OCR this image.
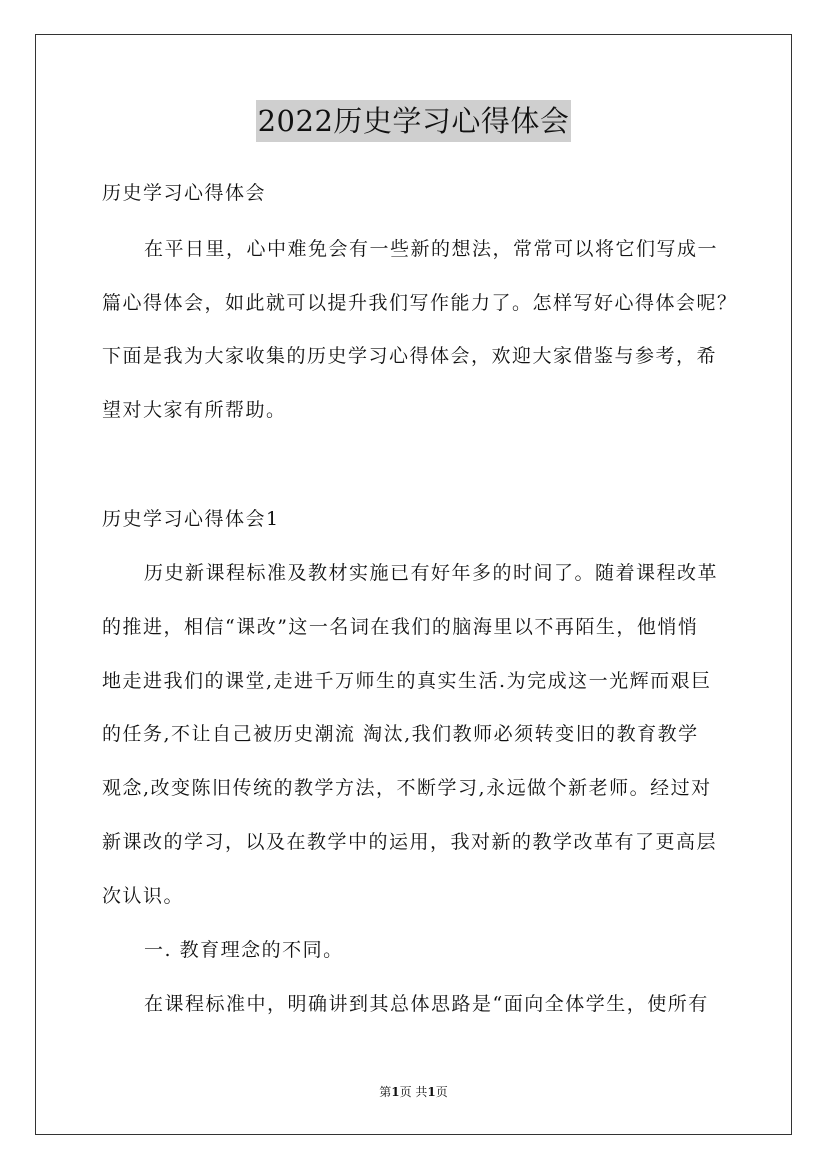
2022历史学习心得体会
历史学习心得体会
在平日里，心中难免会有一些新的想法，常常可以将它们写成一
篇心得体会，如此就可以提升我们写作能力了。怎样写好心得体会呢？
下面是我为大家收集的历史学习心得体会，欢迎大家借鉴与参考，希
望对大家有所帮助。
历史学习心得体会1
历史新课程标准及教材实施已有好年多的时间了。随着课程改革
的推进，相信“课改”这一名词在我们的脑海里以不再陌生，他悄悄
地走进我们的课堂,走进千万师生的真实生活.为完成这一光辉而艰巨
的任务,不让自己被历史潮流 淘汰,我们教师必须转变旧的教育教学
观念,改变陈旧传统的教学方法，不断学习,永远做个新老师。经过对
新课改的学习，以及在教学中的运用，我对新的教学改革有了更高层
次认识。
一. 教育理念的不同。
在课程标准中，明确讲到其总体思路是“面向全体学生，使所有
第1页 共1页
